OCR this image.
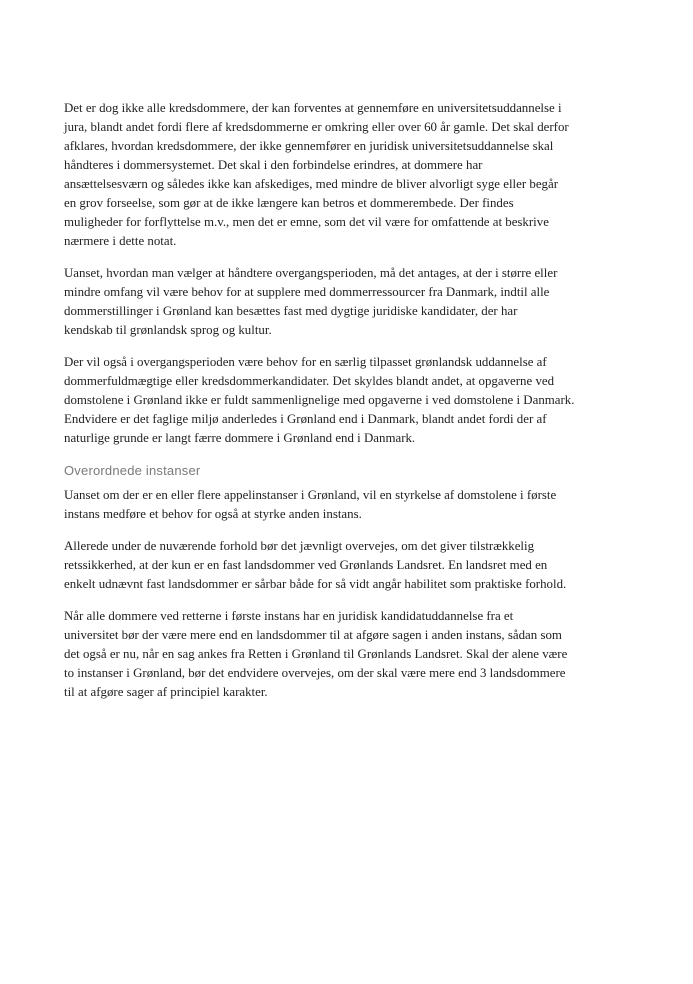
Det er dog ikke alle kredsdommere, der kan forventes at gennemføre en universitetsuddannelse i
jura, blandt andet fordi flere af kredsdommerne er omkring eller over 60 år gamle. Det skal derfor
afklares, hvordan kredsdommere, der ikke gennemfører en juridisk universitetsuddannelse skal
håndteres i dommersystemet. Det skal i den forbindelse erindres, at dommere har
ansættelsesværn og således ikke kan afskediges, med mindre de bliver alvorligt syge eller begår
en grov forseelse, som gør at de ikke længere kan betros et dommerembede. Der findes
muligheder for forflyttelse m.v., men det er emne, som det vil være for omfattende at beskrive
nærmere i dette notat.

Uanset, hvordan man vælger at håndtere overgangsperioden, må det antages, at der i større eller
mindre omfang vil være behov for at supplere med dommerressourcer fra Danmark, indtil alle
dommerstillinger i Grønland kan besættes fast med dygtige juridiske kandidater, der har
kendskab til grønlandsk sprog og kultur.

Der vil også i overgangsperioden være behov for en særlig tilpasset grønlandsk uddannelse af
dommerfuldmægtige eller kredsdommerkandidater. Det skyldes blandt andet, at opgaverne ved
domstolene i Grønland ikke er fuldt sammenlignelige med opgaverne i ved domstolene i Danmark.
Endvidere er det faglige miljø anderledes i Grønland end i Danmark, blandt andet fordi der af
naturlige grunde er langt færre dommere i Grønland end i Danmark.

Overordnede instanser

Uanset om der er en eller flere appelinstanser i Grønland, vil en styrkelse af domstolene i første
instans medføre et behov for også at styrke anden instans.

Allerede under de nuværende forhold bør det jævnligt overvejes, om det giver tilstrækkelig
retssikkerhed, at der kun er en fast landsdommer ved Grønlands Landsret. En landsret med en
enkelt udnævnt fast landsdommer er sårbar både for så vidt angår habilitet som praktiske forhold.

Når alle dommere ved retterne i første instans har en juridisk kandidatuddannelse fra et
universitet bør der være mere end en landsdommer til at afgøre sagen i anden instans, sådan som
det også er nu, når en sag ankes fra Retten i Grønland til Grønlands Landsret. Skal der alene være
to instanser i Grønland, bør det endvidere overvejes, om der skal være mere end 3 landsdommere
til at afgøre sager af principiel karakter.
